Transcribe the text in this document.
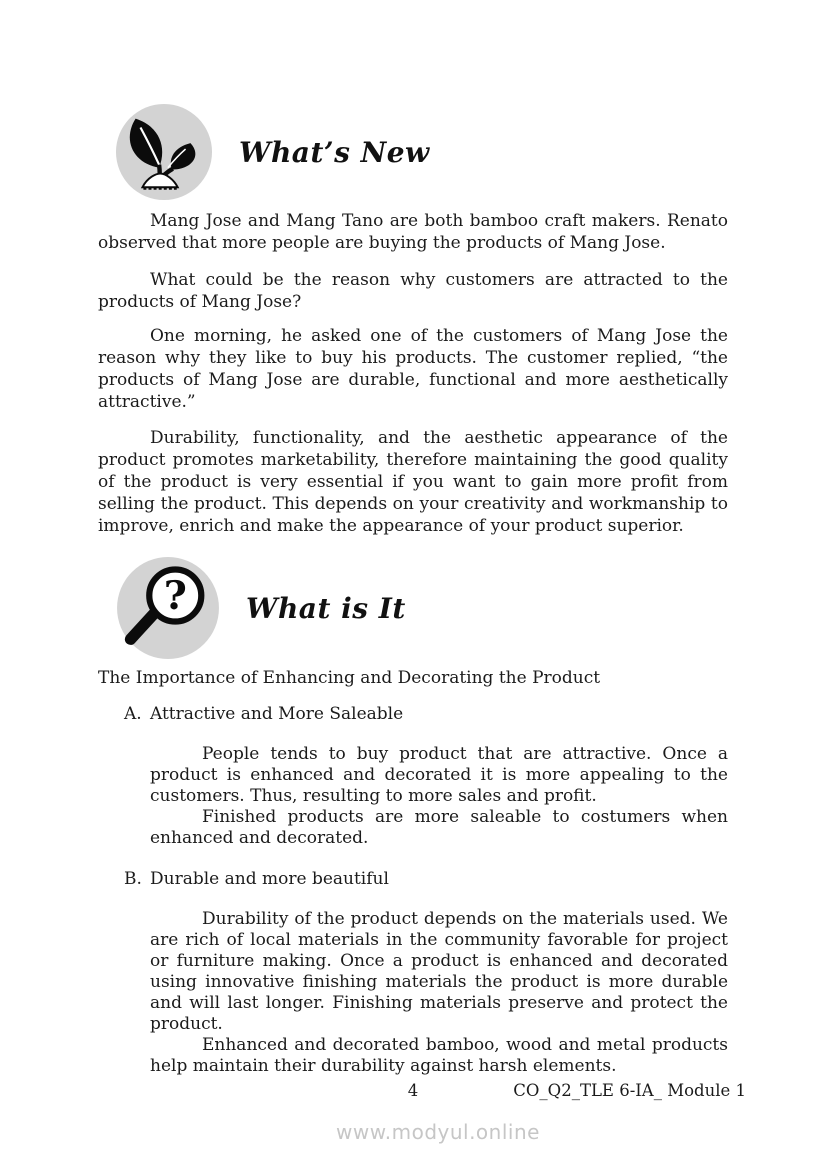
What’s New

Mang Jose and Mang Tano are both bamboo craft makers. Renato observed that more people are buying the products of Mang Jose.

What could be the reason why customers are attracted to the products of Mang Jose?

One morning, he asked one of the customers of Mang Jose the reason why they like to buy his products. The customer replied, “the products of Mang Jose are durable, functional and more aesthetically attractive.”

Durability, functionality, and the aesthetic appearance of the product promotes marketability, therefore maintaining the good quality of the product is very essential if you want to gain more profit from selling the product. This depends on your creativity and workmanship to improve, enrich and make the appearance of your product superior.

? What is It

The Importance of Enhancing and Decorating the Product

A. Attractive and More Saleable

People tends to buy product that are attractive. Once a product is enhanced and decorated it is more appealing to the customers. Thus, resulting to more sales and profit.

Finished products are more saleable to costumers when enhanced and decorated.

B. Durable and more beautiful

Durability of the product depends on the materials used. We are rich of local materials in the community favorable for project or furniture making. Once a product is enhanced and decorated using innovative finishing materials the product is more durable and will last longer. Finishing materials preserve and protect the product.

Enhanced and decorated bamboo, wood and metal products help maintain their durability against harsh elements.

4	CO_Q2_TLE 6-IA_ Module 1
www.modyul.online
